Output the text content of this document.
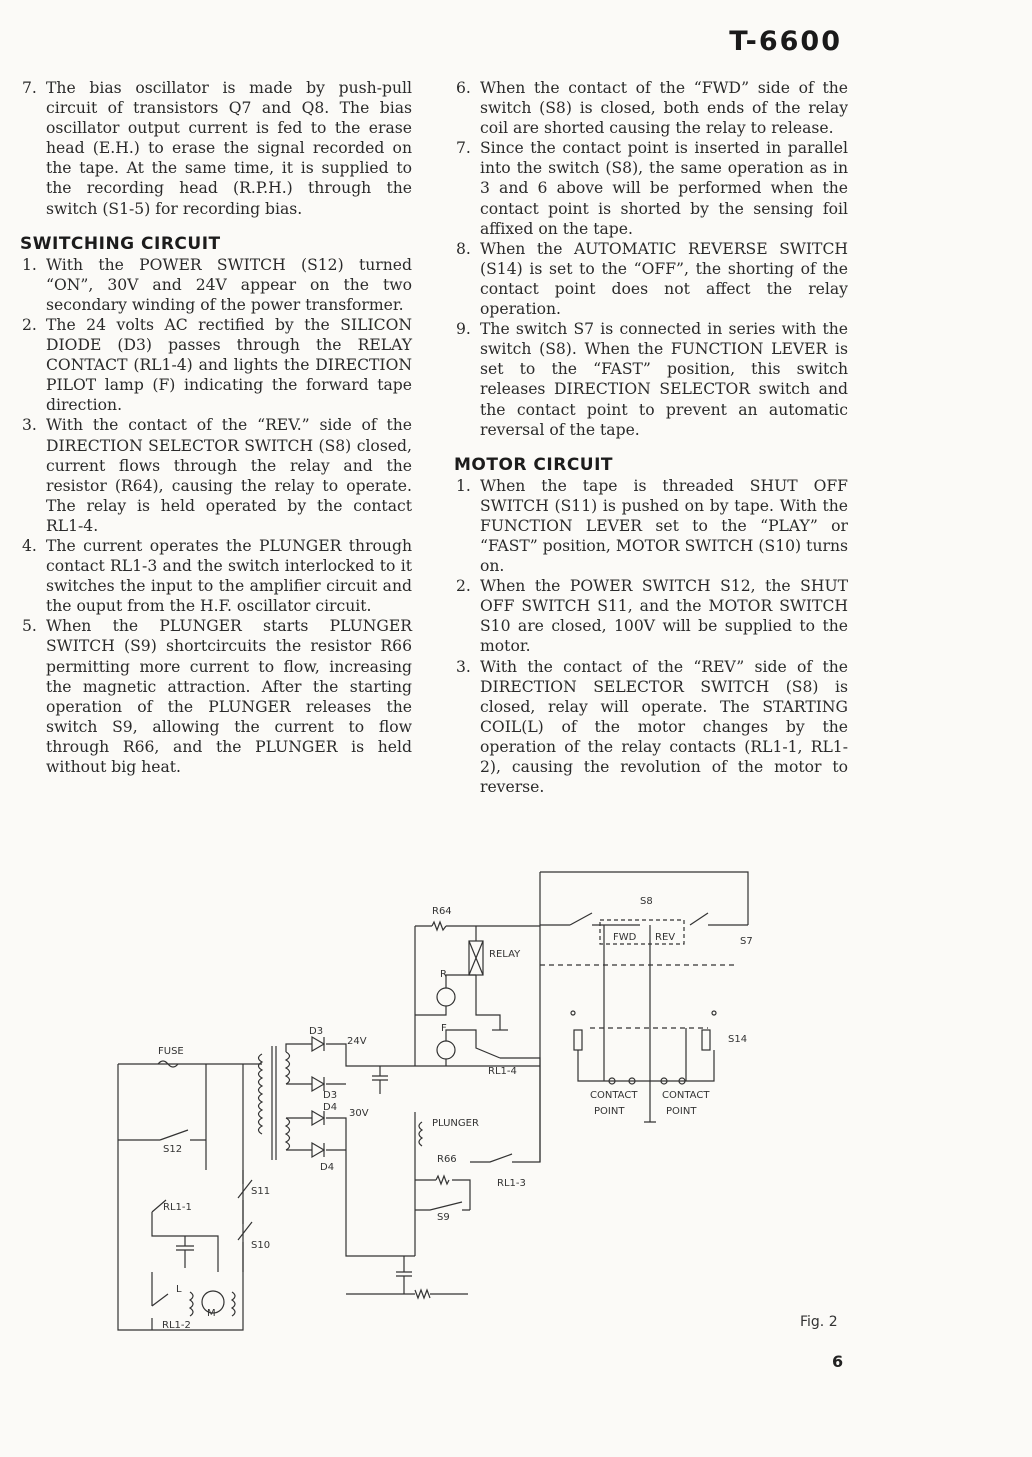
T-6600
7. The bias oscillator is made by push-pull circuit of transistors Q7 and Q8. The bias oscillator output current is fed to the erase head (E.H.) to erase the signal recorded on the tape. At the same time, it is supplied to the recording head (R.P.H.) through the switch (S1-5) for recording bias.
SWITCHING CIRCUIT
1. With the POWER SWITCH (S12) turned “ON”, 30V and 24V appear on the two secondary winding of the power transformer.
2. The 24 volts AC rectified by the SILICON DIODE (D3) passes through the RELAY CONTACT (RL1-4) and lights the DIRECTION PILOT lamp (F) indicating the forward tape direction.
3. With the contact of the “REV.” side of the DIRECTION SELECTOR SWITCH (S8) closed, current flows through the relay and the resistor (R64), causing the relay to operate. The relay is held operated by the contact RL1-4.
4. The current operates the PLUNGER through contact RL1-3 and the switch interlocked to it switches the input to the amplifier circuit and the ouput from the H.F. oscillator circuit.
5. When the PLUNGER starts PLUNGER SWITCH (S9) shortcircuits the resistor R66 permitting more current to flow, increasing the magnetic attraction. After the starting operation of the PLUNGER releases the switch S9, allowing the current to flow through R66, and the PLUNGER is held without big heat.
6. When the contact of the “FWD” side of the switch (S8) is closed, both ends of the relay coil are shorted causing the relay to release.
7. Since the contact point is inserted in parallel into the switch (S8), the same operation as in 3 and 6 above will be performed when the contact point is shorted by the sensing foil affixed on the tape.
8. When the AUTOMATIC REVERSE SWITCH (S14) is set to the “OFF”, the shorting of the contact point does not affect the relay operation.
9. The switch S7 is connected in series with the switch (S8). When the FUNCTION LEVER is set to the “FAST” position, this switch releases DIRECTION SELECTOR switch and the contact point to prevent an automatic reversal of the tape.
MOTOR CIRCUIT
1. When the tape is threaded SHUT OFF SWITCH (S11) is pushed on by tape. With the FUNCTION LEVER set to the “PLAY” or “FAST” position, MOTOR SWITCH (S10) turns on.
2. When the POWER SWITCH S12, the SHUT OFF SWITCH S11, and the MOTOR SWITCH S10 are closed, 100V will be supplied to the motor.
3. With the contact of the “REV” side of the DIRECTION SELECTOR SWITCH (S8) is closed, relay will operate. The STARTING COIL(L) of the motor changes by the operation of the relay contacts (RL1-1, RL1-2), causing the revolution of the motor to reverse.
FUSE
S12
RL1-1
RL1-2
L
M
S11
S10
D3
D3
D4
D4
24V
30V
R64
RELAY
R
F
RL1-4
PLUNGER
R66
RL1-3
S9
S8
FWD REV	S7
S14
CONTACT
POINT
CONTACT
POINT
Fig. 2
6
